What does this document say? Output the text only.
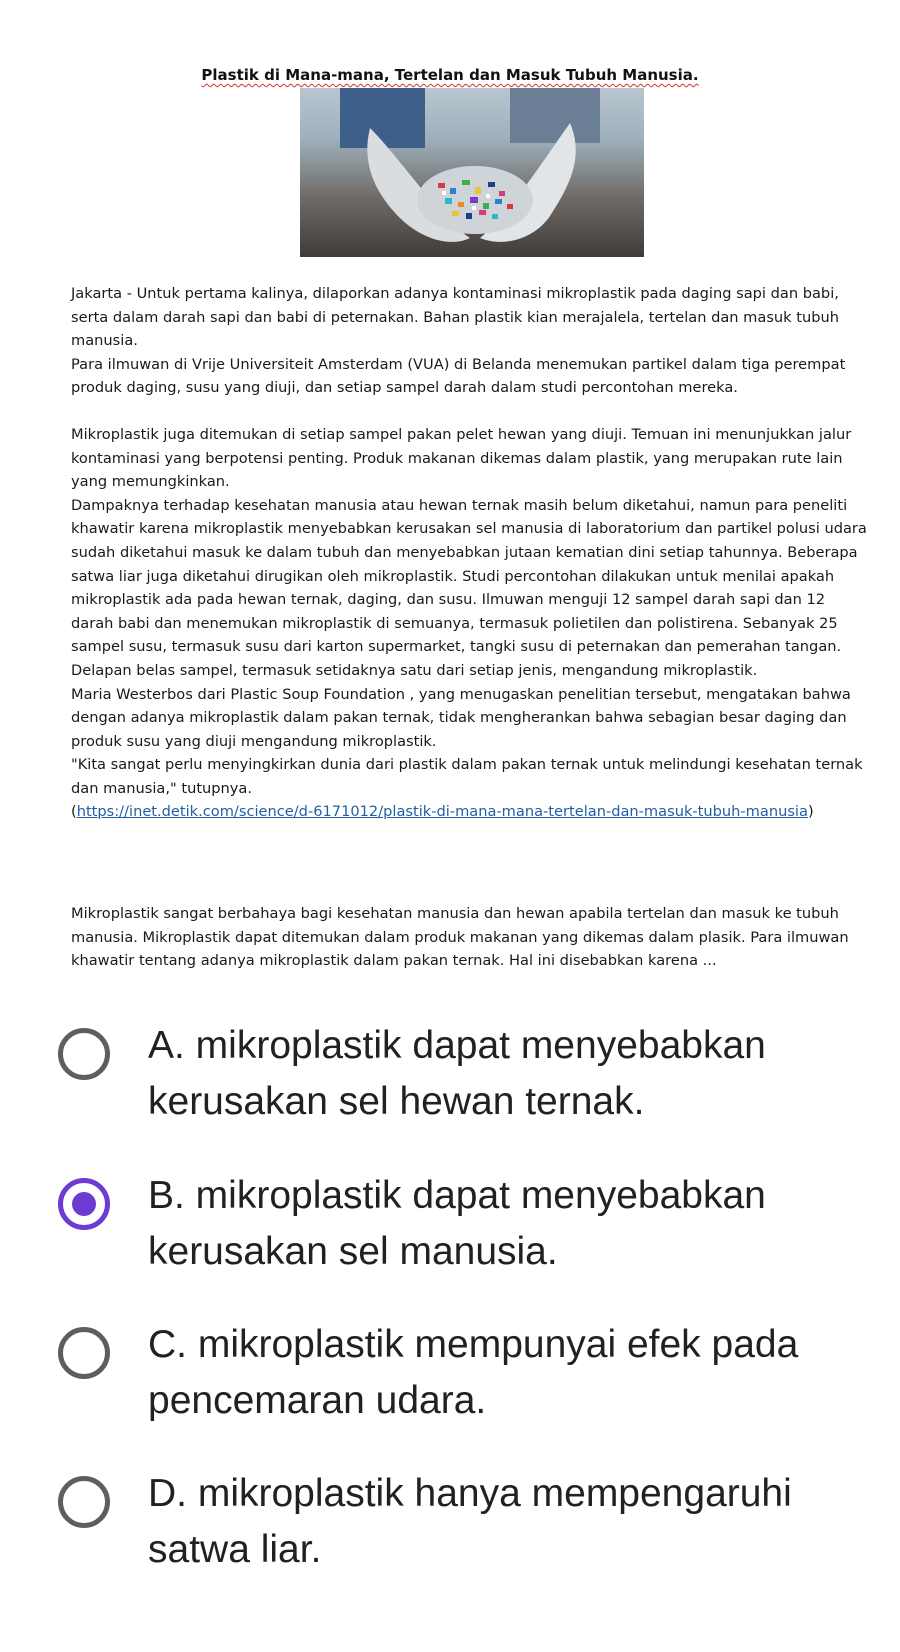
Plastik di Mana-mana, Tertelan dan Masuk Tubuh Manusia.

Jakarta - Untuk pertama kalinya, dilaporkan adanya kontaminasi mikroplastik pada daging sapi dan babi, serta dalam darah sapi dan babi di peternakan. Bahan plastik kian merajalela, tertelan dan masuk tubuh manusia.

Para ilmuwan di Vrije Universiteit Amsterdam (VUA) di Belanda menemukan partikel dalam tiga perempat produk daging, susu yang diuji, dan setiap sampel darah dalam studi percontohan mereka.

Mikroplastik juga ditemukan di setiap sampel pakan pelet hewan yang diuji. Temuan ini menunjukkan jalur kontaminasi yang berpotensi penting. Produk makanan dikemas dalam plastik, yang merupakan rute lain yang memungkinkan.

Dampaknya terhadap kesehatan manusia atau hewan ternak masih belum diketahui, namun para peneliti khawatir karena mikroplastik menyebabkan kerusakan sel manusia di laboratorium dan partikel polusi udara sudah diketahui masuk ke dalam tubuh dan menyebabkan jutaan kematian dini setiap tahunnya. Beberapa satwa liar juga diketahui dirugikan oleh mikroplastik. Studi percontohan dilakukan untuk menilai apakah mikroplastik ada pada hewan ternak, daging, dan susu. Ilmuwan menguji 12 sampel darah sapi dan 12 darah babi dan menemukan mikroplastik di semuanya, termasuk polietilen dan polistirena. Sebanyak 25 sampel susu, termasuk susu dari karton supermarket, tangki susu di peternakan dan pemerahan tangan. Delapan belas sampel, termasuk setidaknya satu dari setiap jenis, mengandung mikroplastik.

Maria Westerbos dari Plastic Soup Foundation , yang menugaskan penelitian tersebut, mengatakan bahwa dengan adanya mikroplastik dalam pakan ternak, tidak mengherankan bahwa sebagian besar daging dan produk susu yang diuji mengandung mikroplastik.

"Kita sangat perlu menyingkirkan dunia dari plastik dalam pakan ternak untuk melindungi kesehatan ternak dan manusia," tutupnya.

(https://inet.detik.com/science/d-6171012/plastik-di-mana-mana-tertelan-dan-masuk-tubuh-manusia)

Mikroplastik sangat berbahaya bagi kesehatan manusia dan hewan apabila tertelan dan masuk ke tubuh manusia. Mikroplastik dapat ditemukan dalam produk makanan yang dikemas dalam plasik. Para ilmuwan khawatir tentang adanya mikroplastik dalam pakan ternak. Hal ini disebabkan karena ...
A. mikroplastik dapat menyebabkan kerusakan sel hewan ternak.
B. mikroplastik dapat menyebabkan kerusakan sel manusia.
C. mikroplastik mempunyai efek pada pencemaran udara.
D. mikroplastik hanya mempengaruhi satwa liar.
